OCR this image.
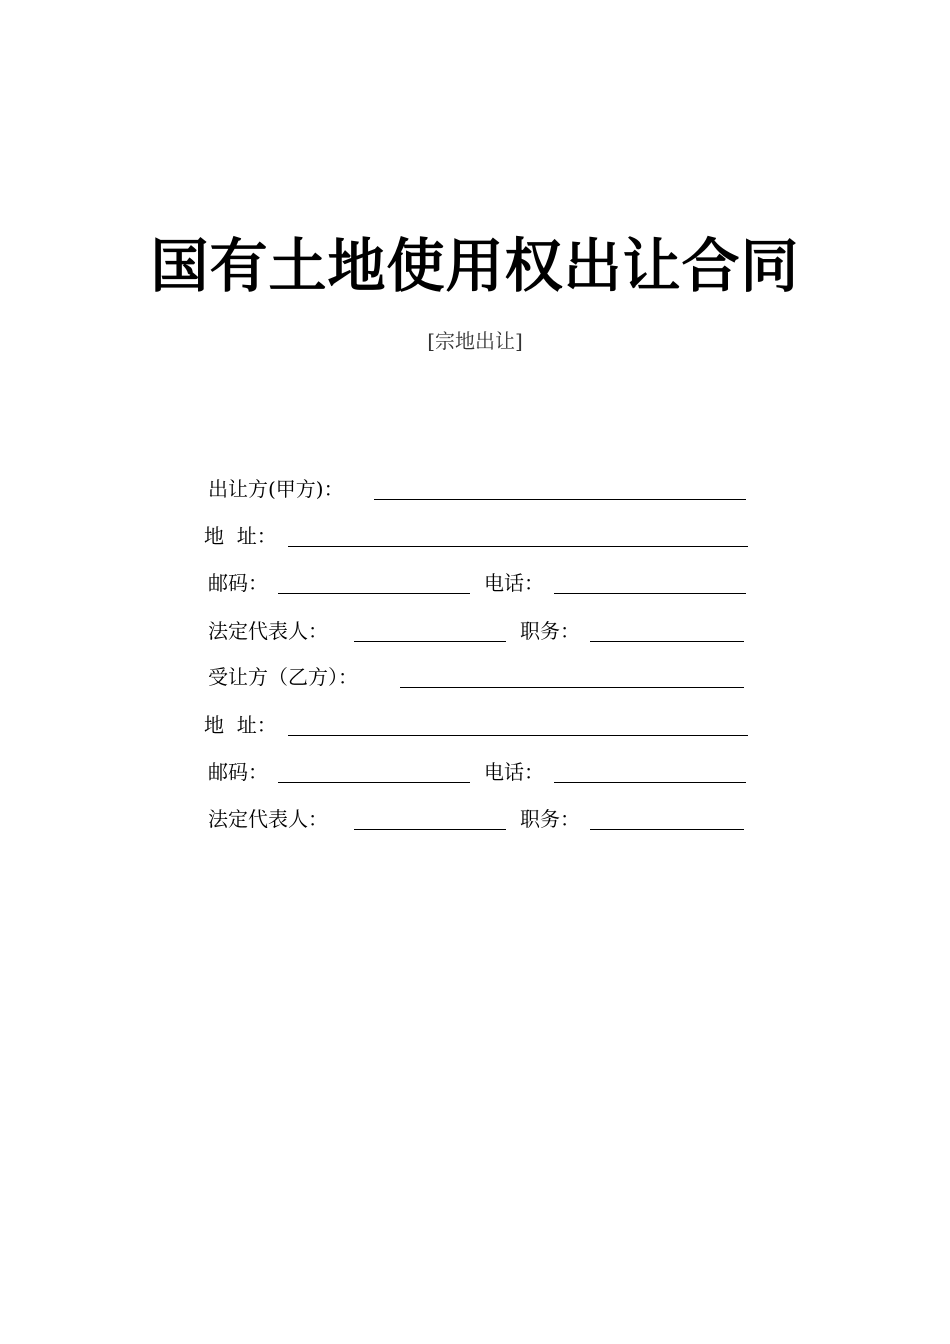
国有土地使用权出让合同
[宗地出让]
出让方(甲方)：
地  址：
邮码：	电话：
法定代表人：	职务：
受让方（乙方）：
地  址：
邮码：	电话：
法定代表人：	职务：
